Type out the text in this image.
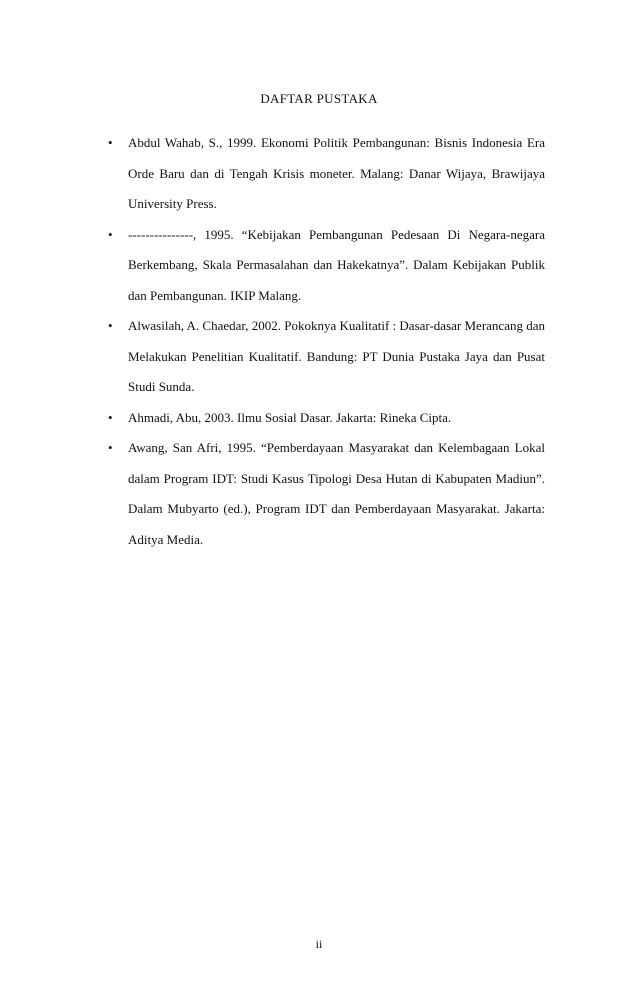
DAFTAR PUSTAKA
• Abdul Wahab, S., 1999. Ekonomi Politik Pembangunan: Bisnis Indonesia Era Orde Baru dan di Tengah Krisis moneter. Malang: Danar Wijaya, Brawijaya University Press.
• ---------------, 1995. “Kebijakan Pembangunan Pedesaan Di Negara-negara Berkembang, Skala Permasalahan dan Hakekatnya”. Dalam Kebijakan Publik dan Pembangunan. IKIP Malang.
• Alwasilah, A. Chaedar, 2002. Pokoknya Kualitatif : Dasar-dasar Merancang dan Melakukan Penelitian Kualitatif. Bandung: PT Dunia Pustaka Jaya dan Pusat Studi Sunda.
• Ahmadi, Abu, 2003. Ilmu Sosial Dasar. Jakarta: Rineka Cipta.
• Awang, San Afri, 1995. “Pemberdayaan Masyarakat dan Kelembagaan Lokal dalam Program IDT: Studi Kasus Tipologi Desa Hutan di Kabupaten Madiun”. Dalam Mubyarto (ed.), Program IDT dan Pemberdayaan Masyarakat. Jakarta: Aditya Media.
ii
